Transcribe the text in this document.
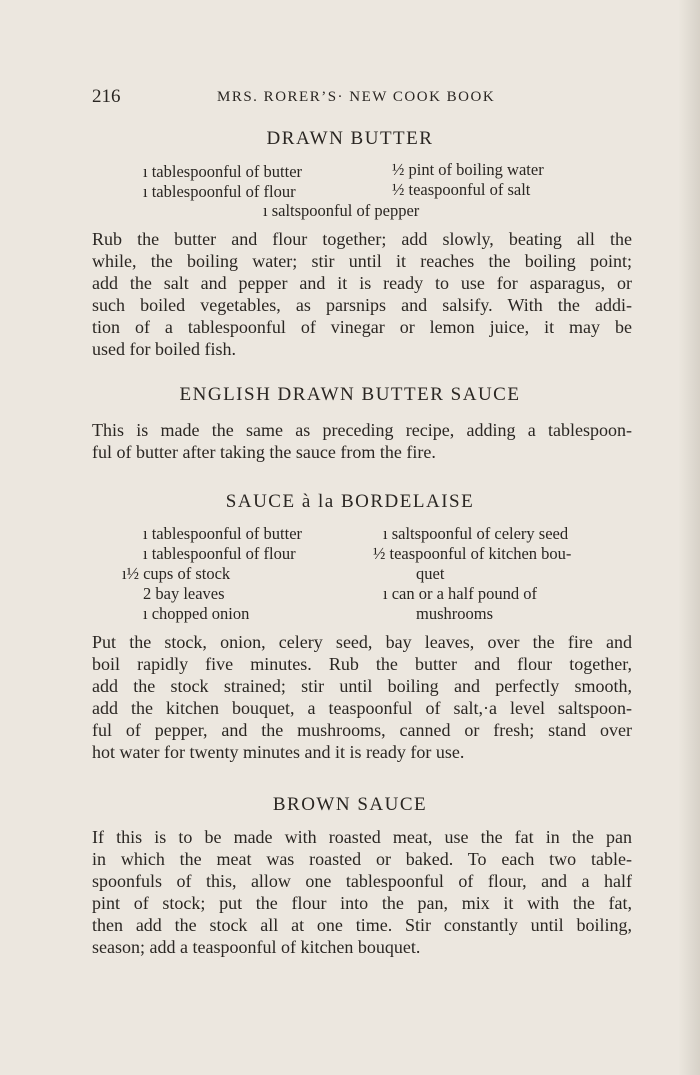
216	MRS. RORER’S· NEW COOK BOOK
DRAWN BUTTER
ı tablespoonful of butter
ı tablespoonful of flour
½ pint of boiling water
½ teaspoonful of salt
ı saltspoonful of pepper
Rub the butter and flour together; add slowly, beating all the
while, the boiling water; stir until it reaches the boiling point;
add the salt and pepper and it is ready to use for asparagus, or
such boiled vegetables, as parsnips and salsify. With the addi-
tion of a tablespoonful of vinegar or lemon juice, it may be
used for boiled fish.
ENGLISH DRAWN BUTTER SAUCE
This is made the same as preceding recipe, adding a tablespoon-
ful of butter after taking the sauce from the fire.
SAUCE à la BORDELAISE
ı tablespoonful of butter
ı tablespoonful of flour
ı½ cups of stock
2 bay leaves
ı chopped onion
ı saltspoonful of celery seed
½ teaspoonful of kitchen bou-
quet
ı can or a half pound of
mushrooms
Put the stock, onion, celery seed, bay leaves, over the fire and
boil rapidly five minutes. Rub the butter and flour together,
add the stock strained; stir until boiling and perfectly smooth,
add the kitchen bouquet, a teaspoonful of salt,·a level saltspoon-
ful of pepper, and the mushrooms, canned or fresh; stand over
hot water for twenty minutes and it is ready for use.
BROWN SAUCE
If this is to be made with roasted meat, use the fat in the pan
in which the meat was roasted or baked. To each two table-
spoonfuls of this, allow one tablespoonful of flour, and a half
pint of stock; put the flour into the pan, mix it with the fat,
then add the stock all at one time. Stir constantly until boiling,
season; add a teaspoonful of kitchen bouquet.
